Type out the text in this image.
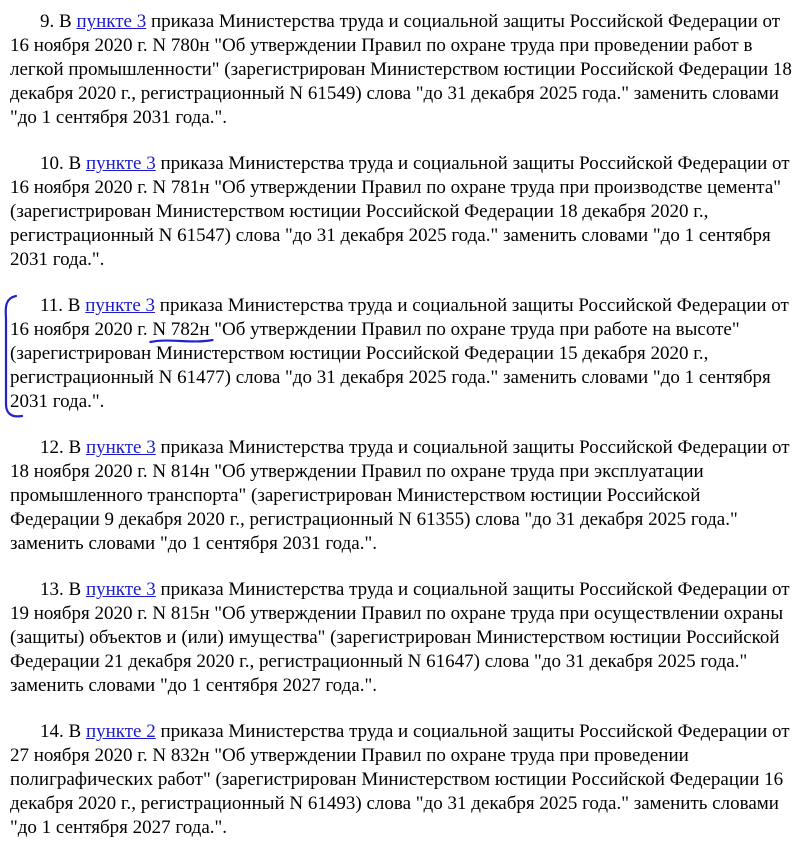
9. В пункте 3 приказа Министерства труда и социальной защиты Российской Федерации от 16 ноября 2020 г. N 780н "Об утверждении Правил по охране труда при проведении работ в легкой промышленности" (зарегистрирован Министерством юстиции Российской Федерации 18 декабря 2020 г., регистрационный N 61549) слова "до 31 декабря 2025 года." заменить словами "до 1 сентября 2031 года.".

10. В пункте 3 приказа Министерства труда и социальной защиты Российской Федерации от 16 ноября 2020 г. N 781н "Об утверждении Правил по охране труда при производстве цемента" (зарегистрирован Министерством юстиции Российской Федерации 18 декабря 2020 г., регистрационный N 61547) слова "до 31 декабря 2025 года." заменить словами "до 1 сентября 2031 года.".

11. В пункте 3 приказа Министерства труда и социальной защиты Российской Федерации от 16 ноября 2020 г. N 782н "Об утверждении Правил по охране труда при работе на высоте" (зарегистрирован Министерством юстиции Российской Федерации 15 декабря 2020 г., регистрационный N 61477) слова "до 31 декабря 2025 года." заменить словами "до 1 сентября 2031 года.".

12. В пункте 3 приказа Министерства труда и социальной защиты Российской Федерации от 18 ноября 2020 г. N 814н "Об утверждении Правил по охране труда при эксплуатации промышленного транспорта" (зарегистрирован Министерством юстиции Российской Федерации 9 декабря 2020 г., регистрационный N 61355) слова "до 31 декабря 2025 года." заменить словами "до 1 сентября 2031 года.".

13. В пункте 3 приказа Министерства труда и социальной защиты Российской Федерации от 19 ноября 2020 г. N 815н "Об утверждении Правил по охране труда при осуществлении охраны (защиты) объектов и (или) имущества" (зарегистрирован Министерством юстиции Российской Федерации 21 декабря 2020 г., регистрационный N 61647) слова "до 31 декабря 2025 года." заменить словами "до 1 сентября 2027 года.".

14. В пункте 2 приказа Министерства труда и социальной защиты Российской Федерации от 27 ноября 2020 г. N 832н "Об утверждении Правил по охране труда при проведении полиграфических работ" (зарегистрирован Министерством юстиции Российской Федерации 16 декабря 2020 г., регистрационный N 61493) слова "до 31 декабря 2025 года." заменить словами "до 1 сентября 2027 года.".
